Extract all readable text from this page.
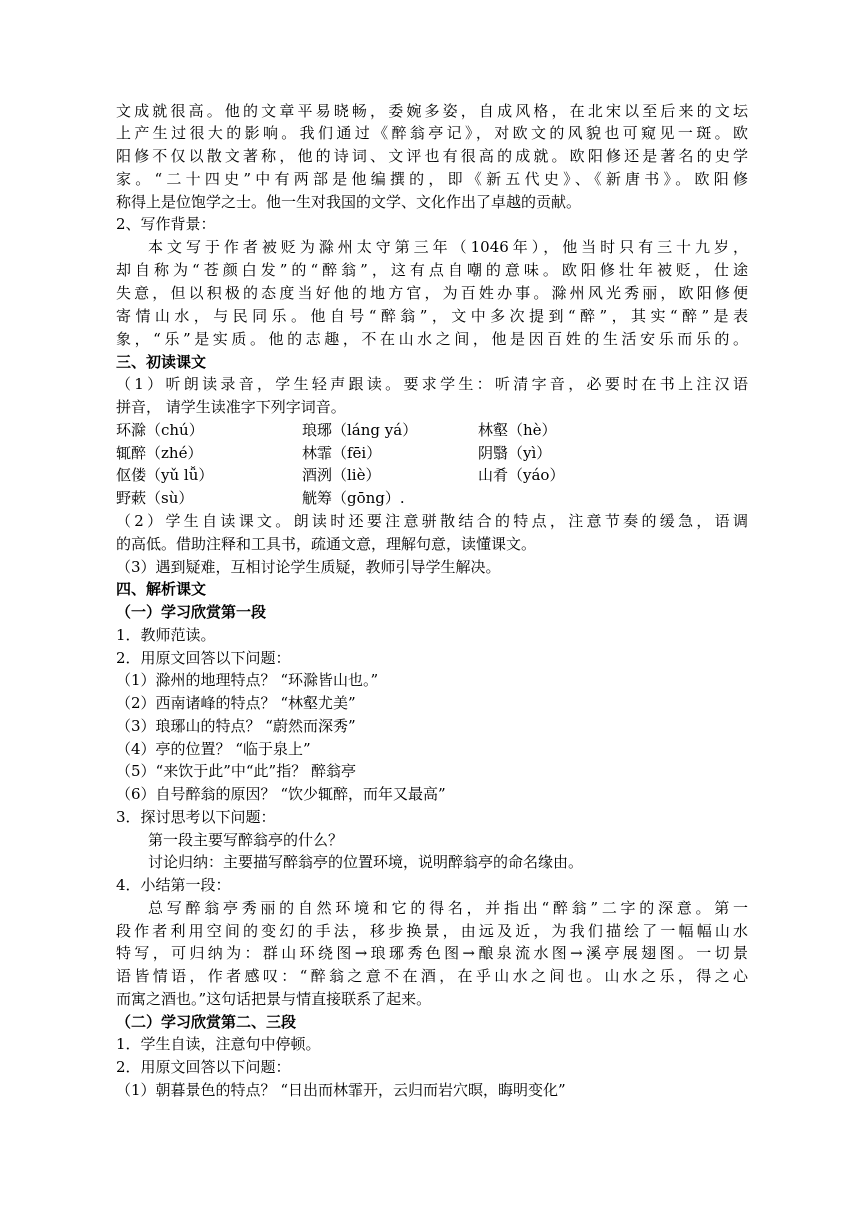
文成就很高。他的文章平易晓畅，委婉多姿，自成风格，在北宋以至后来的文坛
上产生过很大的影响。我们通过《醉翁亭记》，对欧文的风貌也可窥见一斑。欧
阳修不仅以散文著称，他的诗词、文评也有很高的成就。欧阳修还是著名的史学
家。“二十四史”中有两部是他编撰的，即《新五代史》、《新唐书》。欧阳修
称得上是位饱学之士。他一生对我国的文学、文化作出了卓越的贡献。
2、写作背景：
本文写于作者被贬为滁州太守第三年（1046年），他当时只有三十九岁，
却自称为“苍颜白发”的“醉翁”，这有点自嘲的意味。欧阳修壮年被贬，仕途
失意，但以积极的态度当好他的地方官，为百姓办事。滁州风光秀丽，欧阳修便
寄情山水，与民同乐。他自号“醉翁”，文中多次提到“醉”，其实“醉”是表
象，“乐”是实质。他的志趣，不在山水之间，他是因百姓的生活安乐而乐的。
三、初读课文
（1）听朗读录音，学生轻声跟读。要求学生：听清字音，必要时在书上注汉语
拼音， 请学生读准字下列字词音。
环滁（chú）	琅琊（láng yá）	林壑（hè）
辄醉（zhé）	林霏（fēi）	阴翳（yì）
伛偻（yǔ lǚ）	酒洌（liè）	山肴（yáo）
野蔌（sù）	觥筹（gōng）.
（2）学生自读课文。朗读时还要注意骈散结合的特点，注意节奏的缓急，语调
的高低。借助注释和工具书，疏通文意，理解句意，读懂课文。
（3）遇到疑难，互相讨论学生质疑，教师引导学生解决。
四、解析课文
（一）学习欣赏第一段
1．教师范读。
2．用原文回答以下问题：
（1）滁州的地理特点？ “环滁皆山也。”
（2）西南诸峰的特点？ “林壑尤美”
（3）琅琊山的特点？ “蔚然而深秀”
（4）亭的位置？ “临于泉上”
（5）“来饮于此”中“此”指？ 醉翁亭
（6）自号醉翁的原因？ “饮少辄醉，而年又最高”
3．探讨思考以下问题：
第一段主要写醉翁亭的什么？
讨论归纳：主要描写醉翁亭的位置环境，说明醉翁亭的命名缘由。
4．小结第一段：
总写醉翁亭秀丽的自然环境和它的得名，并指出“醉翁”二字的深意。第一
段作者利用空间的变幻的手法，移步换景，由远及近，为我们描绘了一幅幅山水
特写，可归纳为：群山环绕图→琅琊秀色图→酿泉流水图→溪亭展翅图。一切景
语皆情语，作者感叹：“醉翁之意不在酒，在乎山水之间也。山水之乐，得之心
而寓之酒也。”这句话把景与情直接联系了起来。
（二）学习欣赏第二、三段
1．学生自读，注意句中停顿。
2．用原文回答以下问题：
（1）朝暮景色的特点？ “日出而林霏开，云归而岩穴暝，晦明变化”
